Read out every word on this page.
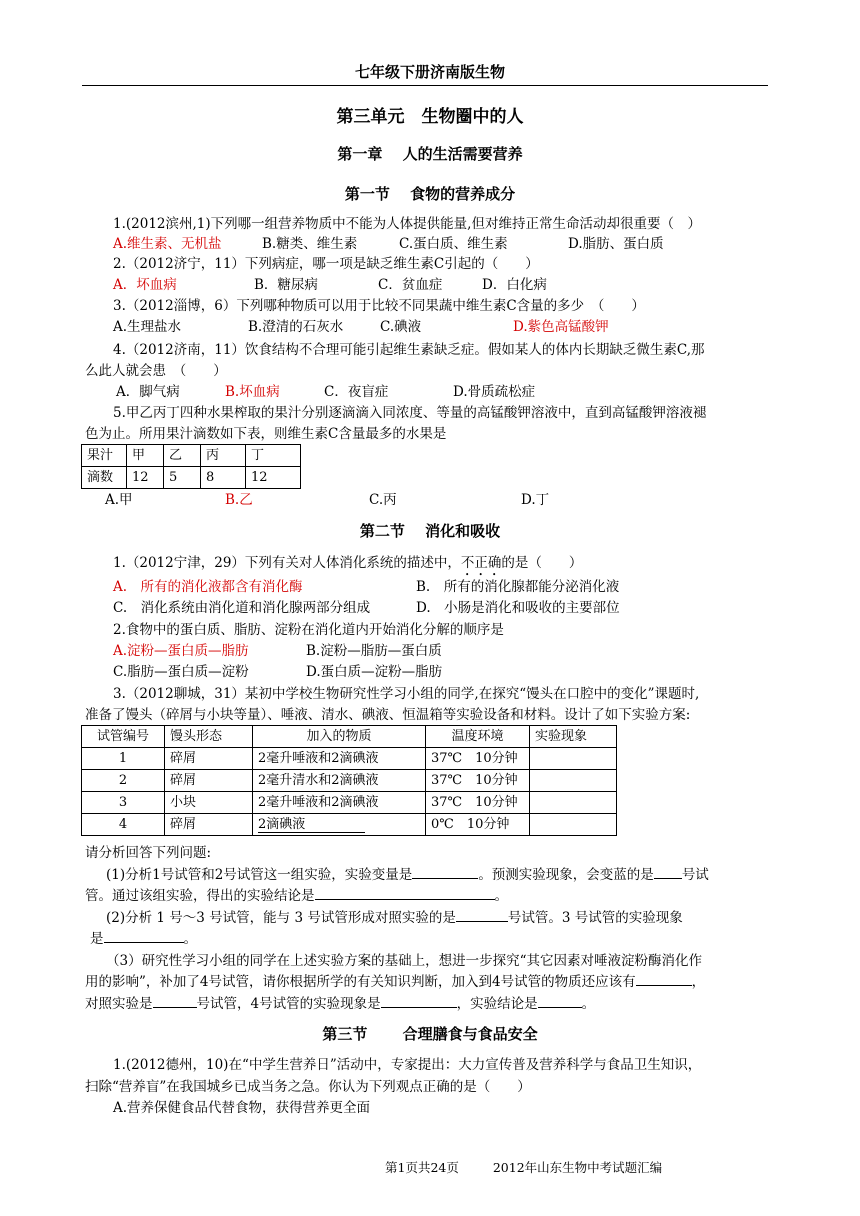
七年级下册济南版生物
第三单元　生物圈中的人
第一章　 人的生活需要营养
第一节　 食物的营养成分
1.(2012滨州,1)下列哪一组营养物质中不能为人体提供能量,但对维持正常生命活动却很重要（　）
A.维生素、无机盐	B.糖类、维生素	C.蛋白质、维生素	D.脂肪、蛋白质
2.（2012济宁，11）下列病症，哪一项是缺乏维生素C引起的（　　）
A．坏血病	B．糖尿病	C．贫血症	D．白化病
3.（2012淄博，6）下列哪种物质可以用于比较不同果蔬中维生素C含量的多少　（　　）
A.生理盐水	B.澄清的石灰水	C.碘液	D.紫色高锰酸钾
4.（2012济南，11）饮食结构不合理可能引起维生素缺乏症。假如某人的体内长期缺乏微生素C,那
么此人就会患　（　　）
A．脚气病	B.坏血病	C．夜盲症	D.骨质疏松症
5.甲乙丙丁四种水果榨取的果汁分别逐滴滴入同浓度、等量的高锰酸钾溶液中，直到高锰酸钾溶液褪
色为止。所用果汁滴数如下表，则维生素C含量最多的水果是
果汁	甲	乙	丙	丁
滴数	12	5	8	12
A.甲	B.乙	C.丙	D.丁
第二节　 消化和吸收
1.（2012宁津，29）下列有关对人体消化系统的描述中，不正确的是（　　）
A.　所有的消化液都含有消化酶	B.　所有的消化腺都能分泌消化液
C.　消化系统由消化道和消化腺两部分组成	D.　小肠是消化和吸收的主要部位
2.食物中的蛋白质、脂肪、淀粉在消化道内开始消化分解的顺序是
A.淀粉—蛋白质—脂肪	B.淀粉—脂肪—蛋白质
C.脂肪—蛋白质—淀粉	D.蛋白质—淀粉—脂肪
3.（2012聊城，31）某初中学校生物研究性学习小组的同学,在探究“馒头在口腔中的变化”课题时,
准备了馒头（碎屑与小块等量）、唾液、清水、碘液、恒温箱等实验设备和材料。设计了如下实验方案:
试管编号	馒头形态	加入的物质	温度环境	实验现象
1	碎屑	2毫升唾液和2滴碘液	37℃　10分钟	
2	碎屑	2毫升清水和2滴碘液	37℃　10分钟	
3	小块	2毫升唾液和2滴碘液	37℃　10分钟	
4	碎屑	2滴碘液	0℃　10分钟	
请分析回答下列问题:
(1)分析1号试管和2号试管这一组实验，实验变量是	。预测实验现象，会变蓝的是 号试
管。通过该组实验，得出的实验结论是	。
(2)分析 1 号～3 号试管，能与 3 号试管形成对照实验的是	号试管。3 号试管的实验现象
是	。
（3）研究性学习小组的同学在上述实验方案的基础上，想进一步探究“其它因素对唾液淀粉酶消化作
用的影响”，补加了4号试管，请你根据所学的有关知识判断，加入到4号试管的物质还应该有	，
对照实验是	号试管，4号试管的实验现象是	，实验结论是	。
第三节　　 合理膳食与食品安全
1.(2012德州，10)在“中学生营养日”活动中，专家提出：大力宣传普及营养科学与食品卫生知识，
扫除“营养盲”在我国城乡已成当务之急。你认为下列观点正确的是（　　）
A.营养保健食品代替食物，获得营养更全面
第1页共24页	2012年山东生物中考试题汇编
